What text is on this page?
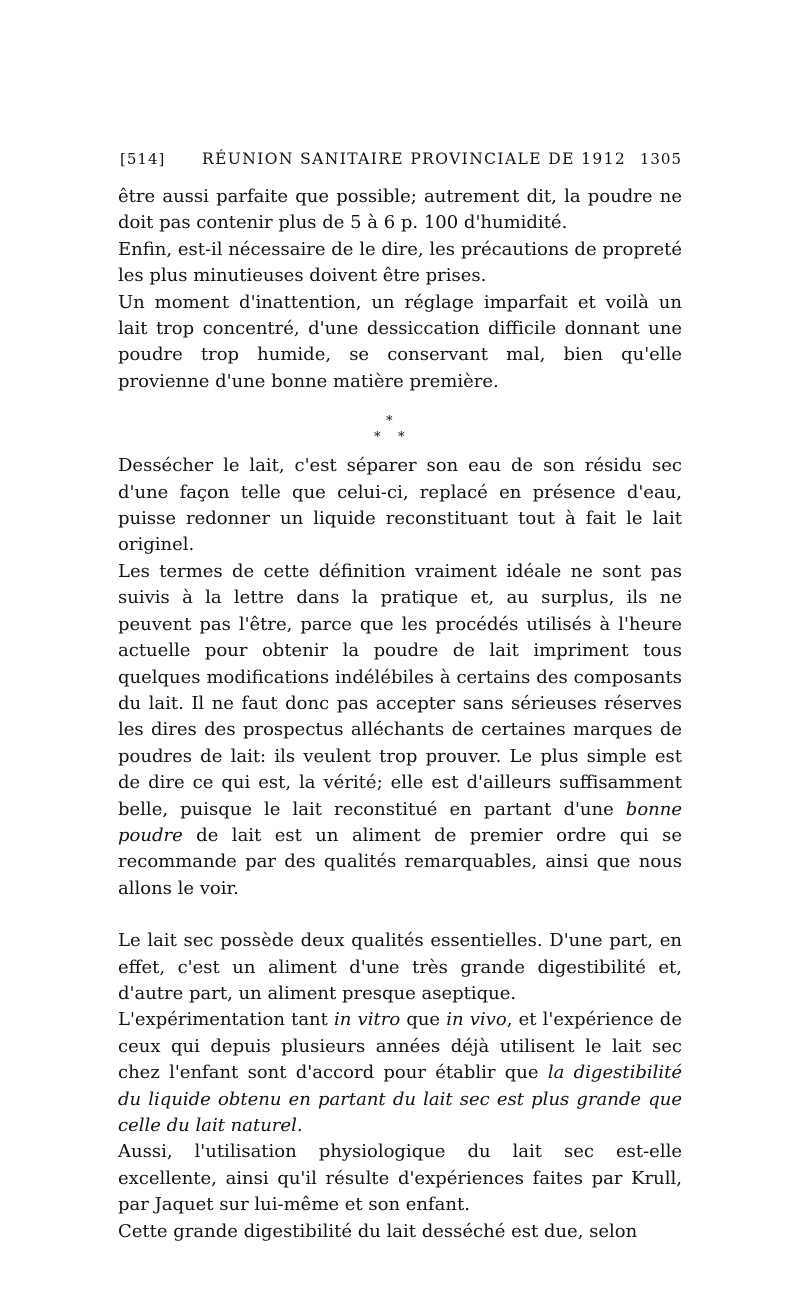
[514] RÉUNION SANITAIRE PROVINCIALE DE 1912 1305

être aussi parfaite que possible; autrement dit, la poudre ne doit pas contenir plus de 5 à 6 p. 100 d'humidité.

Enfin, est-il nécessaire de le dire, les précautions de propreté les plus minutieuses doivent être prises.

Un moment d'inattention, un réglage imparfait et voilà un lait trop concentré, d'une dessiccation difficile donnant une poudre trop humide, se conservant mal, bien qu'elle provienne d'une bonne matière première.

*
* *

Dessécher le lait, c'est séparer son eau de son résidu sec d'une façon telle que celui-ci, replacé en présence d'eau, puisse redonner un liquide reconstituant tout à fait le lait originel.

Les termes de cette définition vraiment idéale ne sont pas suivis à la lettre dans la pratique et, au surplus, ils ne peuvent pas l'être, parce que les procédés utilisés à l'heure actuelle pour obtenir la poudre de lait impriment tous quelques modifications indélébiles à certains des composants du lait. Il ne faut donc pas accepter sans sérieuses réserves les dires des prospectus alléchants de certaines marques de poudres de lait: ils veulent trop prouver. Le plus simple est de dire ce qui est, la vérité; elle est d'ailleurs suffisamment belle, puisque le lait reconstitué en partant d'une bonne poudre de lait est un aliment de premier ordre qui se recommande par des qualités remarquables, ainsi que nous allons le voir.

Le lait sec possède deux qualités essentielles. D'une part, en effet, c'est un aliment d'une très grande digestibilité et, d'autre part, un aliment presque aseptique.

L'expérimentation tant in vitro que in vivo, et l'expérience de ceux qui depuis plusieurs années déjà utilisent le lait sec chez l'enfant sont d'accord pour établir que la digestibilité du liquide obtenu en partant du lait sec est plus grande que celle du lait naturel.

Aussi, l'utilisation physiologique du lait sec est-elle excellente, ainsi qu'il résulte d'expériences faites par Krull, par Jaquet sur lui-même et son enfant.

Cette grande digestibilité du lait desséché est due, selon
